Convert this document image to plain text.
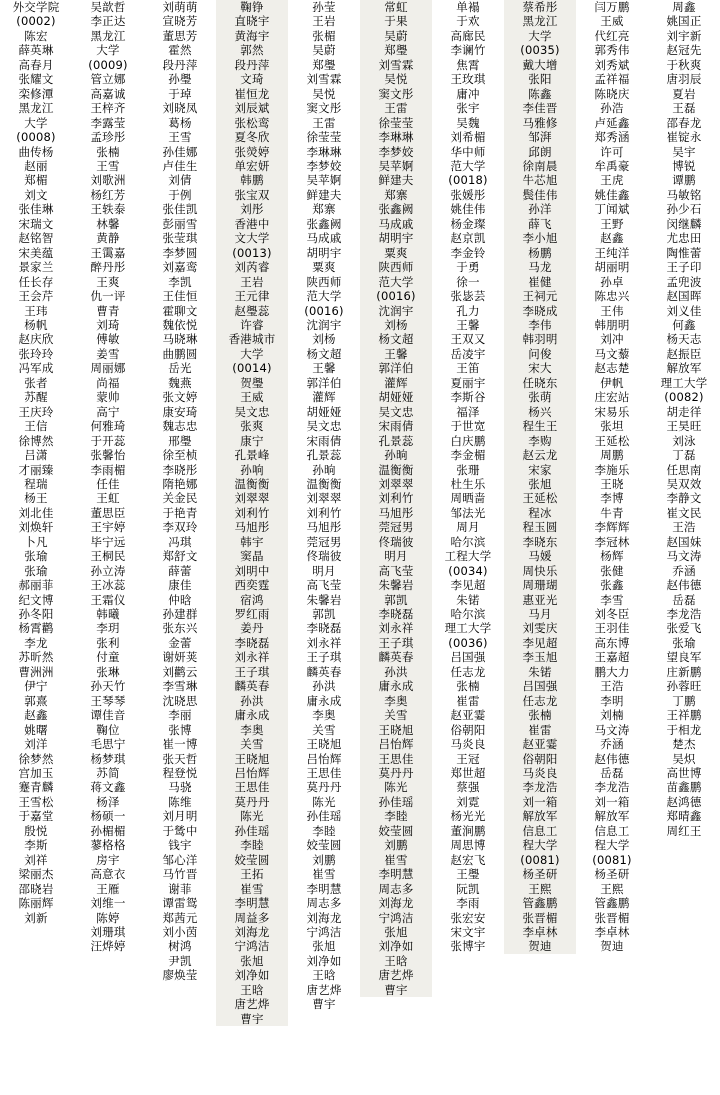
外交学院
(0002)
陈宏
薛英琳
高春月
张耀文
栾修潭
黑龙江
大学
(0008)
曲传杨
赵丽
郑楣
刘文
张佳琳
宋瑞文
赵铭智
宋美蕴
景家兰
任长存
王会芹
王玮
杨帆
赵庆欣
张玲玲
冯军成
张者
苏醒
王庆玲
王信
徐博然
吕潇
才丽臻
程瑞
杨王
刘北佳
刘焕轩
卜凡
张瑜
张瑜
郝丽菲
纪文博
孙冬阳
杨霄鹳
李龙
苏昕然
曹洲洲
伊宁
郭熹
赵鑫
姚曙
刘洋
徐梦然
宫加玉
蹇青麟
王雪松
于嘉堂
殷悦
李斯
刘祥
梁丽杰
邵晓岩
陈丽辉
刘新
吴歆哲
李正达
黑龙江
大学
(0009)
管立娜
高嘉诚
王梓齐
李露莹
孟珍彤
张楠
王雪
刘歌洲
杨红芳
王轶泰
林馨
黄静
王霭嘉
醉丹彤
王爽
仇一评
曹青
刘琦
傅敏
姜雪
周丽娜
尚福
蒙帅
高宁
何雅琦
于开蕊
张馨怡
李雨楣
任佳
王虹
董思臣
王宇婷
毕宁远
王桐民
孙立涛
王冰蕊
王霜仪
韩曦
李玥
张利
付童
张琳
孙天竹
王琴琴
谭佳音
鞠位
毛思宁
杨梦琪
苏简
蒋文鑫
杨泽
杨硕一
孙楣楣
蓼格格
房宇
高意衣
王雁
刘维一
陈婷
刘珊琪
汪烨婷
刘萌萌
宣晓芳
董思芳
霍然
段丹萍
孙璺
于琸
刘晓凤
葛杨
王雪
孙佳娜
卢佳生
刘倩
于例
张佳凯
彭丽雪
张莹琪
李梦圆
刘嘉鸾
李凯
王佳恒
霍聊文
魏依悦
马晓琳
曲鹏圆
岳光
魏燕
张文婷
康安琦
魏志忠
邢璺
徐至桢
李晓彤
隋艳娜
关金民
于艳青
李双玲
冯琪
郑舒文
薛蕾
康佳
仲晗
孙建群
张东兴
金蕾
谢妍荚
刘鹳云
李雪琳
沈晓思
李丽
张博
崔一博
张天哲
程登悦
马骁
陈维
刘月明
于鸶中
钱宇
邹心洋
马竹晋
谢菲
谭雷鸳
郑茜元
刘小茵
树鸿
尹凯
廖焕莹
鞠铮
直晓宇
黄海宇
郭然
段丹萍
文琦
崔恒龙
刘辰斌
张松鸾
夏冬欣
张熒婷
单宏妍
韩鹏
张宝双
刘彤
香港中
文大学
(0013)
刘芮睿
王岩
王元律
赵璺蕊
许睿
香港城市
大学
(0014)
贺璺
王威
吴文忠
张爽
康宁
孔景峰
孙响
温衡衡
刘翠翠
刘利竹
马旭彤
韩宇
窦晶
刘明中
西奕霆
宿鸿
罗红雨
姜丹
李晓磊
刘永祥
王子琪
麟英春
孙洪
庸永成
李奥
关雪
王晓旭
吕怡辉
王思佳
莫丹丹
陈光
孙佳瑶
李睦
姣莹圆
王拓
崔雪
李明慧
周益多
刘海龙
宁鸿洁
张旭
刘净如
王晗
唐艺烨
曹宇
孙莹
王岩
张楣
吴蔚
郑璺
刘雪霖
吴悦
窦文彤
王雷
徐莹莹
李琳琳
李梦姣
吴苹婀
鲜建夫
郑寨
张鑫阙
马成戚
胡明宇
粟爽
陕西师
范大学
(0016)
沈润宇
刘杨
杨文超
王馨
郭洋伯
灌辉
胡娅娅
吴文忠
宋雨倩
孔景蕊
孙晌
温衡衡
刘翠翠
刘利竹
马旭彤
莞冠男
佟瑞彼
明月
高飞莹
朱馨岩
郭凯
李晓磊
刘永祥
王子琪
麟英春
孙洪
庸永成
李奥
关雪
王晓旭
吕怡辉
王思佳
莫丹丹
陈光
孙佳瑶
李睦
姣莹圆
刘鹏
崔雪
李明慧
周志多
刘海龙
宁鸿洁
张旭
刘净如
王晗
唐艺烨
曹宇
常虹
于果
吴蔚
郑璺
刘雪霖
吴悦
窦文彤
王雷
徐莹莹
李琳琳
李梦姣
吴苹婀
鲜建夫
郑寨
张鑫阙
马成戚
胡明宇
粟爽
陕西师
范大学
(0016)
沈润宇
刘杨
杨文超
王馨
郭洋伯
灌辉
胡娅娅
吴文忠
宋雨倩
孔景蕊
孙晌
温衡衡
刘翠翠
刘利竹
马旭彤
莞冠男
佟瑞彼
明月
高飞莹
朱馨岩
郭凯
李晓磊
刘永祥
王子琪
麟英春
孙洪
庸永成
李奥
关雪
王晓旭
吕怡辉
王思佳
莫丹丹
陈光
孙佳瑶
李睦
姣莹圆
刘鹏
崔雪
李明慧
周志多
刘海龙
宁鸿洁
张旭
刘净如
王晗
唐艺烨
曹宇
单褟
于欢
高廊民
李谰竹
焦霄
王玫琪
庸冲
张宇
吴魏
刘希楣
华中师
范大学
(0018)
张媛彤
姚佳伟
杨金璨
赵京凯
李金铃
于勇
徐一
张毖芸
孔力
王馨
王双又
岳凌宇
王笛
夏丽宇
李斯谷
福泽
于世宽
白庆鹏
李金楣
张珊
杜生乐
周晒啬
邹法光
周月
哈尔滨
工程大学
(0034)
李见超
朱锘
哈尔滨
理工大学
(0036)
吕国强
任志龙
张楠
崔雷
赵亚霎
俗朝阳
马炎良
王冠
郑世超
蔡强
刘霓
杨光光
董涧鹏
周思博
赵宏飞
王璺
阮凯
李雨
张宏安
宋文宇
张博宇
蔡希彤
黑龙江
大学
(0035)
戴大增
张阳
陈鑫
李佳晋
马雅修
邹湃
邱朗
徐南晨
牛芯旭
鬓佳伟
孙洋
薛飞
李小旭
杨鹏
马龙
崔健
王祠元
李晓成
李伟
韩羽明
问俊
宋大
任晓东
张萌
杨兴
程生王
李购
赵云龙
宋家
张旭
王延松
程冰
程玉圆
李晓东
马媛
周快乐
周珊瑚
惠亚光
马月
刘雯庆
李见超
李玉旭
朱锘
吕国强
任志龙
张楠
崔雷
赵亚霎
俗朝阳
马炎良
李龙浩
刘一箱
解放军
信息工
程大学
(0081)
杨圣研
王熙
管鑫鹏
张晋楣
李卓林
贺迪
闫万鹏
王威
代红亮
郭秀伟
刘秀斌
孟祥福
陈晓庆
孙浩
卢延鑫
郑秀涵
许可
牟禹豪
王虎
姚佳鑫
丁闻斌
王野
赵鑫
王纯洋
胡丽明
孙卓
陈忠兴
王伟
韩朋明
刘冲
马文藜
赵志楚
伊帆
庄宏站
宋易乐
张坦
王延松
周鹏
李施乐
王晓
李博
牛青
李辉辉
李冠林
杨辉
张健
张鑫
李雪
刘冬臣
王羽佳
高东博
王嘉超
鹏大力
王浩
李明
刘楠
马文涛
乔涵
赵伟德
岳磊
李龙浩
刘一箱
解放军
信息工
程大学
(0081)
杨圣研
王熙
管鑫鹏
张晋楣
李卓林
贺迪
周鑫
姚国正
刘宇新
赵冠先
于秋爽
唐羽辰
夏岩
王磊
邵春龙
崔锭永
吴宇
博锐
谭鹏
马敏铭
孙少石
闵继麟
尤忠田
陶惟蕾
王子印
孟兜波
赵国晖
刘义佳
何鑫
杨天志
赵振臣
解放军
理工大学
(0082)
胡走徉
王昊旺
刘泳
丁磊
任思南
吴双效
李静文
崔文民
王浩
赵国妹
马文涛
乔涵
赵伟德
岳磊
李龙浩
张爱飞
张瑜
望良军
庄新鹏
孙蓉旺
丁鹏
王祥鹏
于相龙
楚杰
吴炽
高世博
苗鑫鹏
赵鸿德
郑晴鑫
周红王
